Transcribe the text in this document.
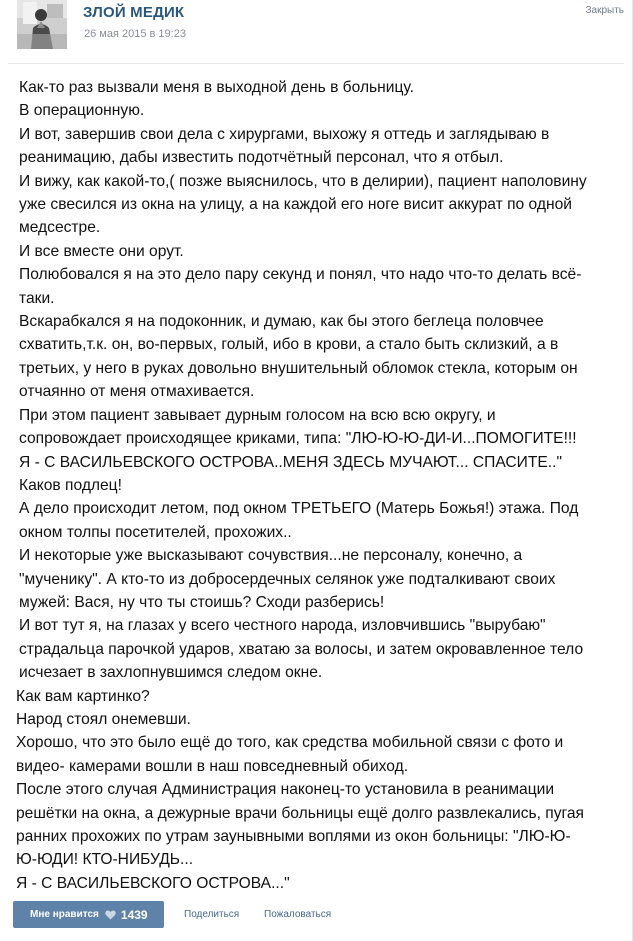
ЗЛОЙ МЕДИК
26 мая 2015 в 19:23
Закрыть
Как-то раз вызвали меня в выходной день в больницу.
В операционную.
И вот, завершив свои дела с хирургами, выхожу я оттедь и заглядываю в
реанимацию, дабы известить подотчётный персонал, что я отбыл.
И вижу, как какой-то,( позже выяснилось, что в делирии), пациент наполовину
уже свесился из окна на улицу, а на каждой его ноге висит аккурат по одной
медсестре.
И все вместе они орут.
Полюбовался я на это дело пару секунд и понял, что надо что-то делать всё-
таки.
Вскарабкался я на подоконник, и думаю, как бы этого беглеца половчее
схватить,т.к. он, во-первых, голый, ибо в крови, а стало быть склизкий, а в
третьих, у него в руках довольно внушительный обломок стекла, которым он
отчаянно от меня отмахивается.
При этом пациент завывает дурным голосом на всю всю округу, и
сопровождает происходящее криками, типа: "ЛЮ-Ю-Ю-ДИ-И...ПОМОГИТЕ!!!
Я - С ВАСИЛЬЕВСКОГО ОСТРОВА..МЕНЯ ЗДЕСЬ МУЧАЮТ... СПАСИТЕ.."
Каков подлец!
А дело происходит летом, под окном ТРЕТЬЕГО (Матерь Божья!) этажа. Под
окном толпы посетителей, прохожих..
И некоторые уже высказывают сочувствия...не персоналу, конечно, а
"мученику". А кто-то из добросердечных селянок уже подталкивают своих
мужей: Вася, ну что ты стоишь? Сходи разберись!
И вот тут я, на глазах у всего честного народа, изловчившись "вырубаю"
страдальца парочкой ударов, хватаю за волосы, и затем окровавленное тело
исчезает в захлопнувшимся следом окне.
Как вам картинко?
Народ стоял онемевши.
Хорошо, что это было ещё до того, как средства мобильной связи с фото и
видео- камерами вошли в наш повседневный обиход.
После этого случая Администрация наконец-то установила в реанимации
решётки на окна, а дежурные врачи больницы ещё долго развлекались, пугая
ранних прохожих по утрам заунывными воплями из окон больницы: "ЛЮ-Ю-
Ю-ЮДИ! КТО-НИБУДЬ...
Я - С ВАСИЛЬЕВСКОГО ОСТРОВА..."
Мне нравится 1439	Поделиться Пожаловаться
